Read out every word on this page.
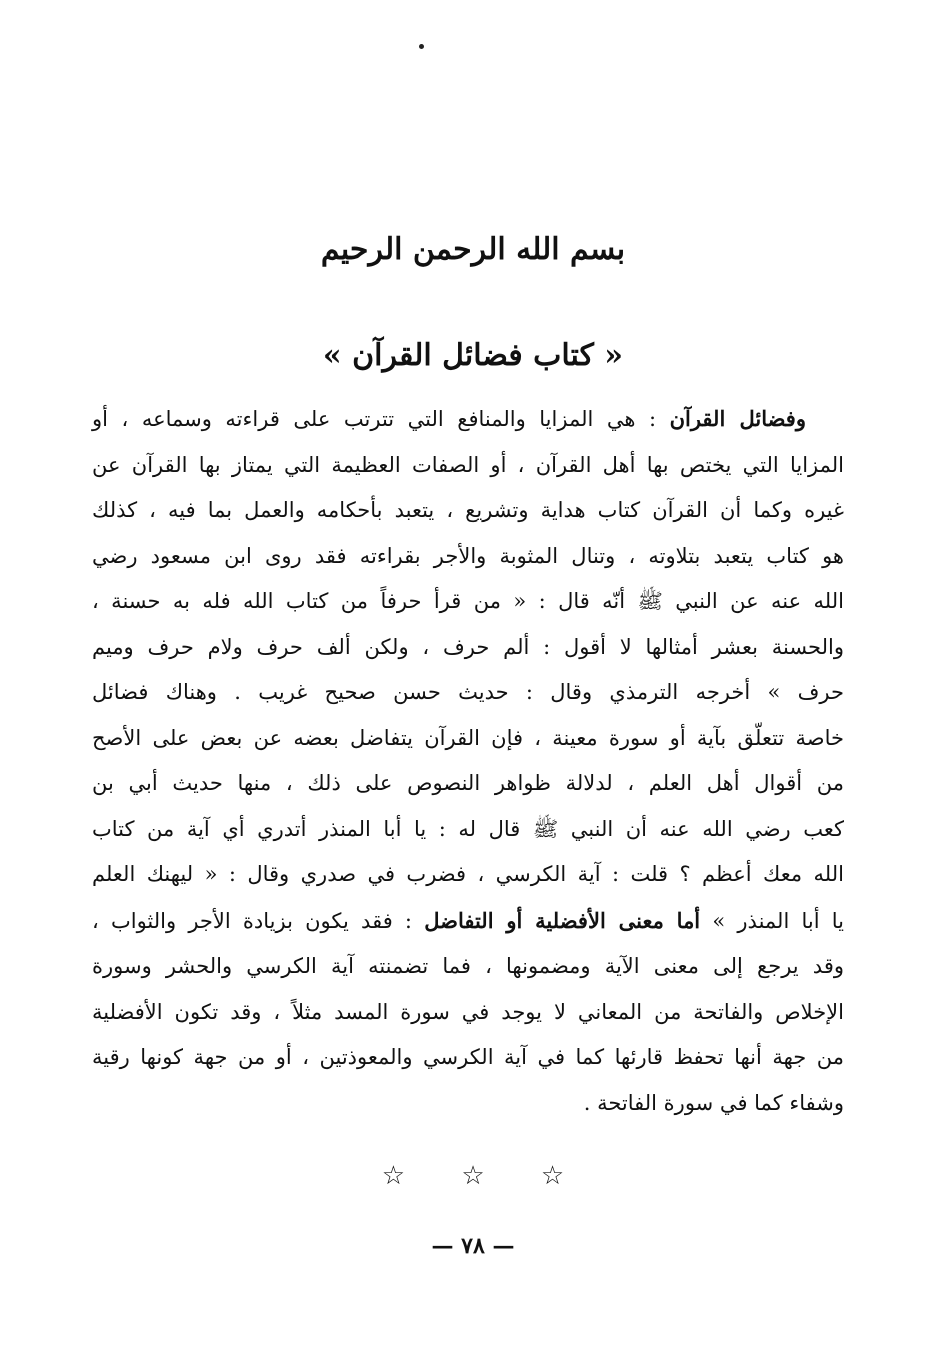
بسم الله الرحمن الرحيم
« كتاب فضائل القرآن »
وفضائل القرآن : هي المزايا والمنافع التي تترتب على قراءته وسماعه ، أو
المزايا التي يختص بها أهل القرآن ، أو الصفات العظيمة التي يمتاز بها القرآن عن
غيره وكما أن القرآن كتاب هداية وتشريع ، يتعبد بأحكامه والعمل بما فيه ، كذلك
هو كتاب يتعبد بتلاوته ، وتنال المثوبة والأجر بقراءته فقد روى ابن مسعود رضي
الله عنه عن النبي ﷺ أنّه قال : « من قرأ حرفاً من كتاب الله فله به حسنة ،
والحسنة بعشر أمثالها لا أقول : ألم حرف ، ولكن ألف حرف ولام حرف وميم
حرف » أخرجه الترمذي وقال : حديث حسن صحيح غريب . وهناك فضائل
خاصة تتعلّق بآية أو سورة معينة ، فإن القرآن يتفاضل بعضه عن بعض على الأصح
من أقوال أهل العلم ، لدلالة ظواهر النصوص على ذلك ، منها حديث أبي بن
كعب رضي الله عنه أن النبي ﷺ قال له : يا أبا المنذر أتدري أي آية من كتاب
الله معك أعظم ؟ قلت : آية الكرسي ، فضرب في صدري وقال : « ليهنك العلم
يا أبا المنذر » أما معنى الأفضلية أو التفاضل : فقد يكون بزيادة الأجر والثواب ،
وقد يرجع إلى معنى الآية ومضمونها ، فما تضمنته آية الكرسي والحشر وسورة
الإخلاص والفاتحة من المعاني لا يوجد في سورة المسد مثلاً ، وقد تكون الأفضلية
من جهة أنها تحفظ قارئها كما في آية الكرسي والمعوذتين ، أو من جهة كونها رقية
وشفاء كما في سورة الفاتحة .
☆ ☆ ☆
— ٧٨ —
